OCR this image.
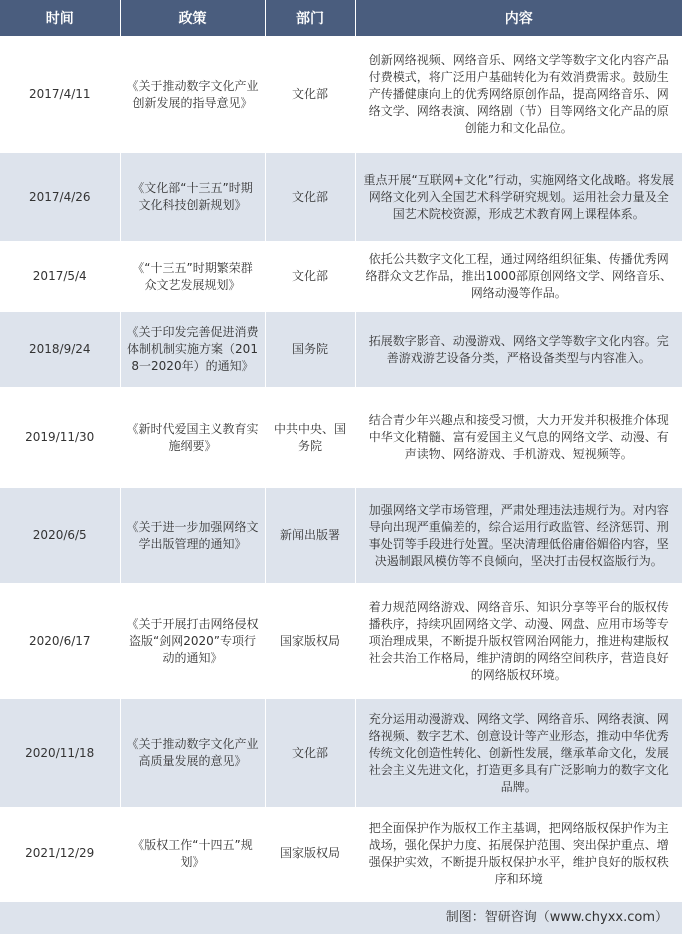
时间	政策	部门	内容
2017/4/11	《关于推动数字文化产业创新发展的指导意见》	文化部	创新网络视频、网络音乐、网络文学等数字文化内容产品付费模式，将广泛用户基础转化为有效消费需求。鼓励生产传播健康向上的优秀网络原创作品，提高网络音乐、网络文学、网络表演、网络剧（节）目等网络文化产品的原创能力和文化品位。
2017/4/26	《文化部“十三五”时期文化科技创新规划》	文化部	重点开展“互联网+文化”行动，实施网络文化战略。将发展网络文化列入全国艺术科学研究规划。运用社会力量及全国艺术院校资源，形成艺术教育网上课程体系。
2017/5/4	《“十三五”时期繁荣群众文艺发展规划》	文化部	依托公共数字文化工程，通过网络组织征集、传播优秀网络群众文艺作品，推出1000部原创网络文学、网络音乐、网络动漫等作品。
2018/9/24	《关于印发完善促进消费体制机制实施方案（2018一2020年）的通知》	国务院	拓展数字影音、动漫游戏、网络文学等数字文化内容。完善游戏游艺设备分类，严格设备类型与内容准入。
2019/11/30	《新时代爱国主义教育实施纲要》	中共中央、国务院	结合青少年兴趣点和接受习惯，大力开发并积极推介体现中华文化精髓、富有爱国主义气息的网络文学、动漫、有声读物、网络游戏、手机游戏、短视频等。
2020/6/5	《关于进一步加强网络文学出版管理的通知》	新闻出版署	加强网络文学市场管理，严肃处理违法违规行为。对内容导向出现严重偏差的，综合运用行政监管、经济惩罚、刑事处罚等手段进行处置。坚决清理低俗庸俗媚俗内容，坚决遏制跟风模仿等不良倾向，坚决打击侵权盗版行为。
2020/6/17	《关于开展打击网络侵权盗版“剑网2020”专项行动的通知》	国家版权局	着力规范网络游戏、网络音乐、知识分享等平台的版权传播秩序，持续巩固网络文学、动漫、网盘、应用市场等专项治理成果，不断提升版权管网治网能力，推进构建版权社会共治工作格局，维护清朗的网络空间秩序，营造良好的网络版权环境。
2020/11/18	《关于推动数字文化产业高质量发展的意见》	文化部	充分运用动漫游戏、网络文学、网络音乐、网络表演、网络视频、数字艺术、创意设计等产业形态，推动中华优秀传统文化创造性转化、创新性发展，继承革命文化，发展社会主义先进文化，打造更多具有广泛影响力的数字文化品牌。
2021/12/29	《版权工作“十四五”规划》	国家版权局	把全面保护作为版权工作主基调，把网络版权保护作为主战场，强化保护力度、拓展保护范围、突出保护重点、增强保护实效，不断提升版权保护水平，维护良好的版权秩序和环境
制图：智研咨询（www.chyxx.com）
